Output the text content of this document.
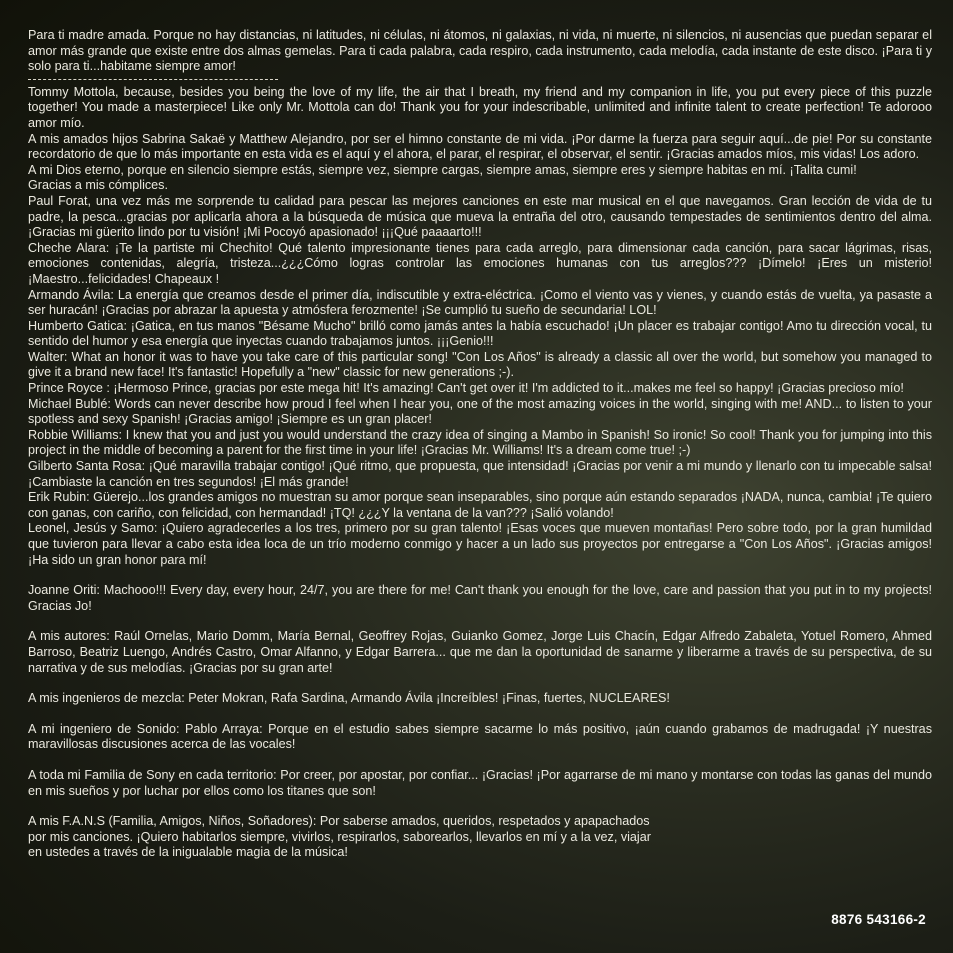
Para ti madre amada. Porque no hay distancias, ni latitudes, ni células, ni átomos, ni galaxias, ni vida, ni muerte, ni silencios, ni ausencias que puedan separar el amor más grande que existe entre dos almas gemelas. Para ti cada palabra, cada respiro, cada instrumento, cada melodía, cada instante de este disco. ¡Para ti y solo para ti...habitame siempre amor!

Tommy Mottola, because, besides you being the love of my life, the air that I breath, my friend and my companion in life, you put every piece of this puzzle together! You made a masterpiece! Like only Mr. Mottola can do! Thank you for your indescribable, unlimited and infinite talent to create perfection! Te adorooo amor mío.

A mis amados hijos Sabrina Sakaë y Matthew Alejandro, por ser el himno constante de mi vida. ¡Por darme la fuerza para seguir aquí...de pie! Por su constante recordatorio de que lo más importante en esta vida es el aquí y el ahora, el parar, el respirar, el observar, el sentir. ¡Gracias amados míos, mis vidas! Los adoro.

A mi Dios eterno, porque en silencio siempre estás, siempre vez, siempre cargas, siempre amas, siempre eres y siempre habitas en mí. ¡Talita cumi!

Gracias a mis cómplices.

Paul Forat, una vez más me sorprende tu calidad para pescar las mejores canciones en este mar musical en el que navegamos. Gran lección de vida de tu padre, la pesca...gracias por aplicarla ahora a la búsqueda de música que mueva la entraña del otro, causando tempestades de sentimientos dentro del alma. ¡Gracias mi güerito lindo por tu visión! ¡Mi Pocoyó apasionado! ¡¡¡Qué paaaarto!!!

Cheche Alara: ¡Te la partiste mi Chechito! Qué talento impresionante tienes para cada arreglo, para dimensionar cada canción, para sacar lágrimas, risas, emociones contenidas, alegría, tristeza...¿¿¿Cómo logras controlar las emociones humanas con tus arreglos??? ¡Dímelo! ¡Eres un misterio! ¡Maestro...felicidades! Chapeaux !

Armando Ávila: La energía que creamos desde el primer día, indiscutible y extra-eléctrica. ¡Como el viento vas y vienes, y cuando estás de vuelta, ya pasaste a ser huracán! ¡Gracias por abrazar la apuesta y atmósfera ferozmente! ¡Se cumplió tu sueño de secundaria! LOL!

Humberto Gatica: ¡Gatica, en tus manos "Bésame Mucho" brilló como jamás antes la había escuchado! ¡Un placer es trabajar contigo! Amo tu dirección vocal, tu sentido del humor y esa energía que inyectas cuando trabajamos juntos. ¡¡¡Genio!!!

Walter: What an honor it was to have you take care of this particular song! "Con Los Años" is already a classic all over the world, but somehow you managed to give it a brand new face! It's fantastic! Hopefully a "new" classic for new generations ;-).

Prince Royce : ¡Hermoso Prince, gracias por este mega hit! It's amazing! Can't get over it! I'm addicted to it...makes me feel so happy! ¡Gracias precioso mío!

Michael Bublé: Words can never describe how proud I feel when I hear you, one of the most amazing voices in the world, singing with me! AND... to listen to your spotless and sexy Spanish! ¡Gracias amigo! ¡Siempre es un gran placer!

Robbie Williams: I knew that you and just you would understand the crazy idea of singing a Mambo in Spanish! So ironic! So cool! Thank you for jumping into this project in the middle of becoming a parent for the first time in your life! ¡Gracias Mr. Williams! It's a dream come true! ;-)

Gilberto Santa Rosa: ¡Qué maravilla trabajar contigo! ¡Qué ritmo, que propuesta, que intensidad! ¡Gracias por venir a mi mundo y llenarlo con tu impecable salsa! ¡Cambiaste la canción en tres segundos! ¡El más grande!

Erik Rubin: Güerejo...los grandes amigos no muestran su amor porque sean inseparables, sino porque aún estando separados ¡NADA, nunca, cambia! ¡Te quiero con ganas, con cariño, con felicidad, con hermandad! ¡TQ! ¿¿¿Y la ventana de la van??? ¡Salió volando!

Leonel, Jesús y Samo: ¡Quiero agradecerles a los tres, primero por su gran talento! ¡Esas voces que mueven montañas! Pero sobre todo, por la gran humildad que tuvieron para llevar a cabo esta idea loca de un trío moderno conmigo y hacer a un lado sus proyectos por entregarse a "Con Los Años". ¡Gracias amigos! ¡Ha sido un gran honor para mí!

Joanne Oriti: Machooo!!! Every day, every hour, 24/7, you are there for me! Can't thank you enough for the love, care and passion that you put in to my projects! Gracias Jo!

A mis autores: Raúl Ornelas, Mario Domm, María Bernal, Geoffrey Rojas, Guianko Gomez, Jorge Luis Chacín, Edgar Alfredo Zabaleta, Yotuel Romero, Ahmed Barroso, Beatriz Luengo, Andrés Castro, Omar Alfanno, y Edgar Barrera... que me dan la oportunidad de sanarme y liberarme a través de su perspectiva, de su narrativa y de sus melodías. ¡Gracias por su gran arte!

A mis ingenieros de mezcla: Peter Mokran, Rafa Sardina, Armando Ávila ¡Increíbles! ¡Finas, fuertes, NUCLEARES!

A mi ingeniero de Sonido: Pablo Arraya: Porque en el estudio sabes siempre sacarme lo más positivo, ¡aún cuando grabamos de madrugada! ¡Y nuestras maravillosas discusiones acerca de las vocales!

A toda mi Familia de Sony en cada territorio: Por creer, por apostar, por confiar... ¡Gracias! ¡Por agarrarse de mi mano y montarse con todas las ganas del mundo en mis sueños y por luchar por ellos como los titanes que son!

A mis F.A.N.S (Familia, Amigos, Niños, Soñadores): Por saberse amados, queridos, respetados y apapachados
por mis canciones. ¡Quiero habitarlos siempre, vivirlos, respirarlos, saborearlos, llevarlos en mí y a la vez, viajar
en ustedes a través de la inigualable magia de la música!
8876 543166-2
